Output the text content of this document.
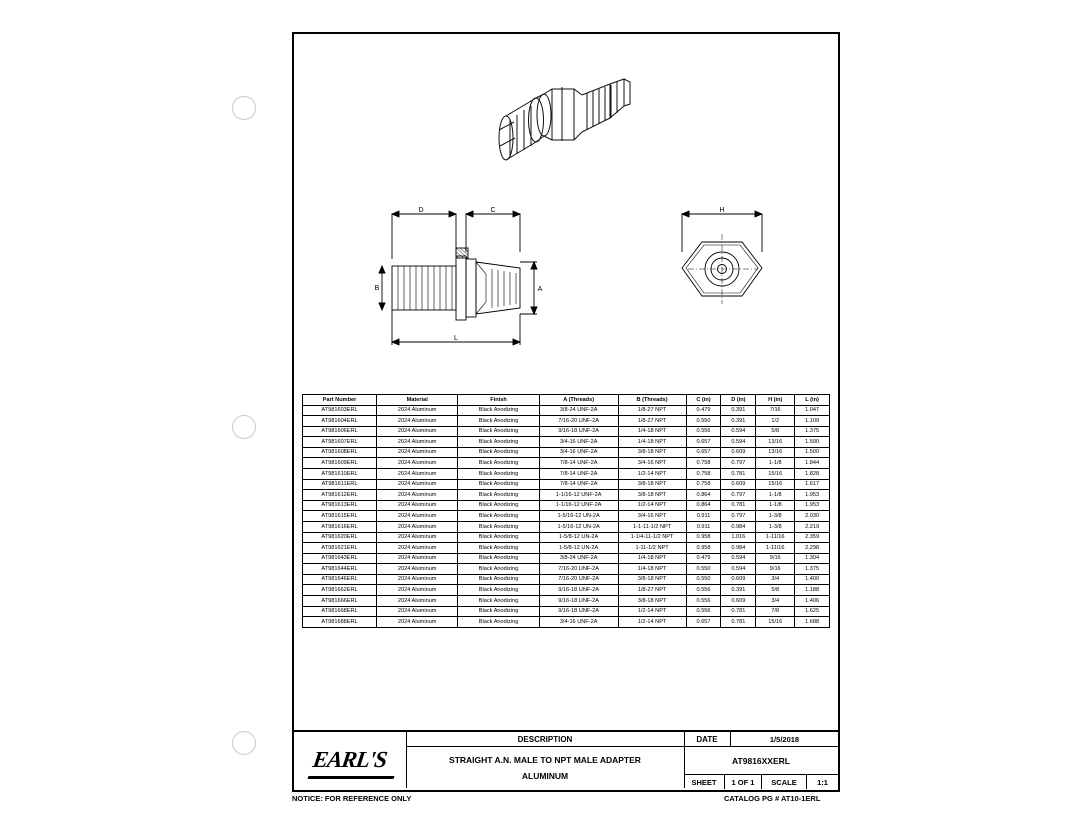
D	C
B	A
L
H
Part Number	Material	Finish	A (Threads)	B (Threads)	C (in)	D (in)	H (in)	L (in)
AT981603ERL	2024 Aluminum	Black Anodizing	3/8-24 UNF-2A	1/8-27 NPT	0.479	0.391	7/16	1.047
AT981604ERL	2024 Aluminum	Black Anodizing	7/16-20 UNF-2A	1/8-27 NPT	0.550	0.391	1/2	1.109
AT981606ERL	2024 Aluminum	Black Anodizing	9/16-18 UNF-2A	1/4-18 NPT	0.556	0.594	5/8	1.375
AT981607ERL	2024 Aluminum	Black Anodizing	3/4-16 UNF-2A	1/4-18 NPT	0.657	0.594	13/16	1.500
AT981608ERL	2024 Aluminum	Black Anodizing	3/4-16 UNF-2A	3/8-18 NPT	0.657	0.609	13/16	1.500
AT981609ERL	2024 Aluminum	Black Anodizing	7/8-14 UNF-2A	3/4-16 NPT	0.758	0.797	1-1/8	1.844
AT981610ERL	2024 Aluminum	Black Anodizing	7/8-14 UNF-2A	1/2-14 NPT	0.758	0.781	15/16	1.828
AT981611ERL	2024 Aluminum	Black Anodizing	7/8-14 UNF-2A	3/8-18 NPT	0.758	0.609	15/16	1.617
AT981612ERL	2024 Aluminum	Black Anodizing	1-1/16-12 UNF-2A	3/8-18 NPT	0.864	0.797	1-1/8	1.953
AT981613ERL	2024 Aluminum	Black Anodizing	1-1/16-12 UNF-2A	1/2-14 NPT	0.864	0.781	1-1/8	1.953
AT981615ERL	2024 Aluminum	Black Anodizing	1-5/16-12 UN-2A	3/4-16 NPT	0.911	0.797	1-3/8	2.030
AT981616ERL	2024 Aluminum	Black Anodizing	1-5/16-12 UN-2A	1-1-11-1/2 NPT	0.911	0.984	1-3/8	2.219
AT981620ERL	2024 Aluminum	Black Anodizing	1-5/8-12 UN-2A	1-1/4-11-1/2 NPT	0.958	1.016	1-11/16	2.359
AT981621ERL	2024 Aluminum	Black Anodizing	1-5/8-12 UN-2A	1-11-1/2 NPT	0.958	0.984	1-11/16	2.298
AT981643ERL	2024 Aluminum	Black Anodizing	3/8-24 UNF-2A	1/4-18 NPT	0.479	0.594	9/16	1.304
AT981644ERL	2024 Aluminum	Black Anodizing	7/16-20 UNF-2A	1/4-18 NPT	0.550	0.594	9/16	1.375
AT981646ERL	2024 Aluminum	Black Anodizing	7/16-20 UNF-2A	3/8-18 NPT	0.550	0.609	3/4	1.400
AT981662ERL	2024 Aluminum	Black Anodizing	9/16-18 UNF-2A	1/8-27 NPT	0.556	0.391	5/8	1.188
AT981666ERL	2024 Aluminum	Black Anodizing	9/16-18 UNF-2A	3/8-18 NPT	0.556	0.609	3/4	1.406
AT981668ERL	2024 Aluminum	Black Anodizing	9/16-18 UNF-2A	1/2-14 NPT	0.556	0.781	7/8	1.625
AT981688ERL	2024 Aluminum	Black Anodizing	3/4-16 UNF-2A	1/2-14 NPT	0.657	0.781	15/16	1.688
EARL'S
DESCRIPTION
STRAIGHT A.N. MALE TO NPT MALE ADAPTER
ALUMINUM
DATE	1/5/2018
AT9816XXERL
SHEET	1 OF 1	SCALE	1:1
NOTICE: FOR REFERENCE ONLY	CATALOG PG # AT10-1ERL
